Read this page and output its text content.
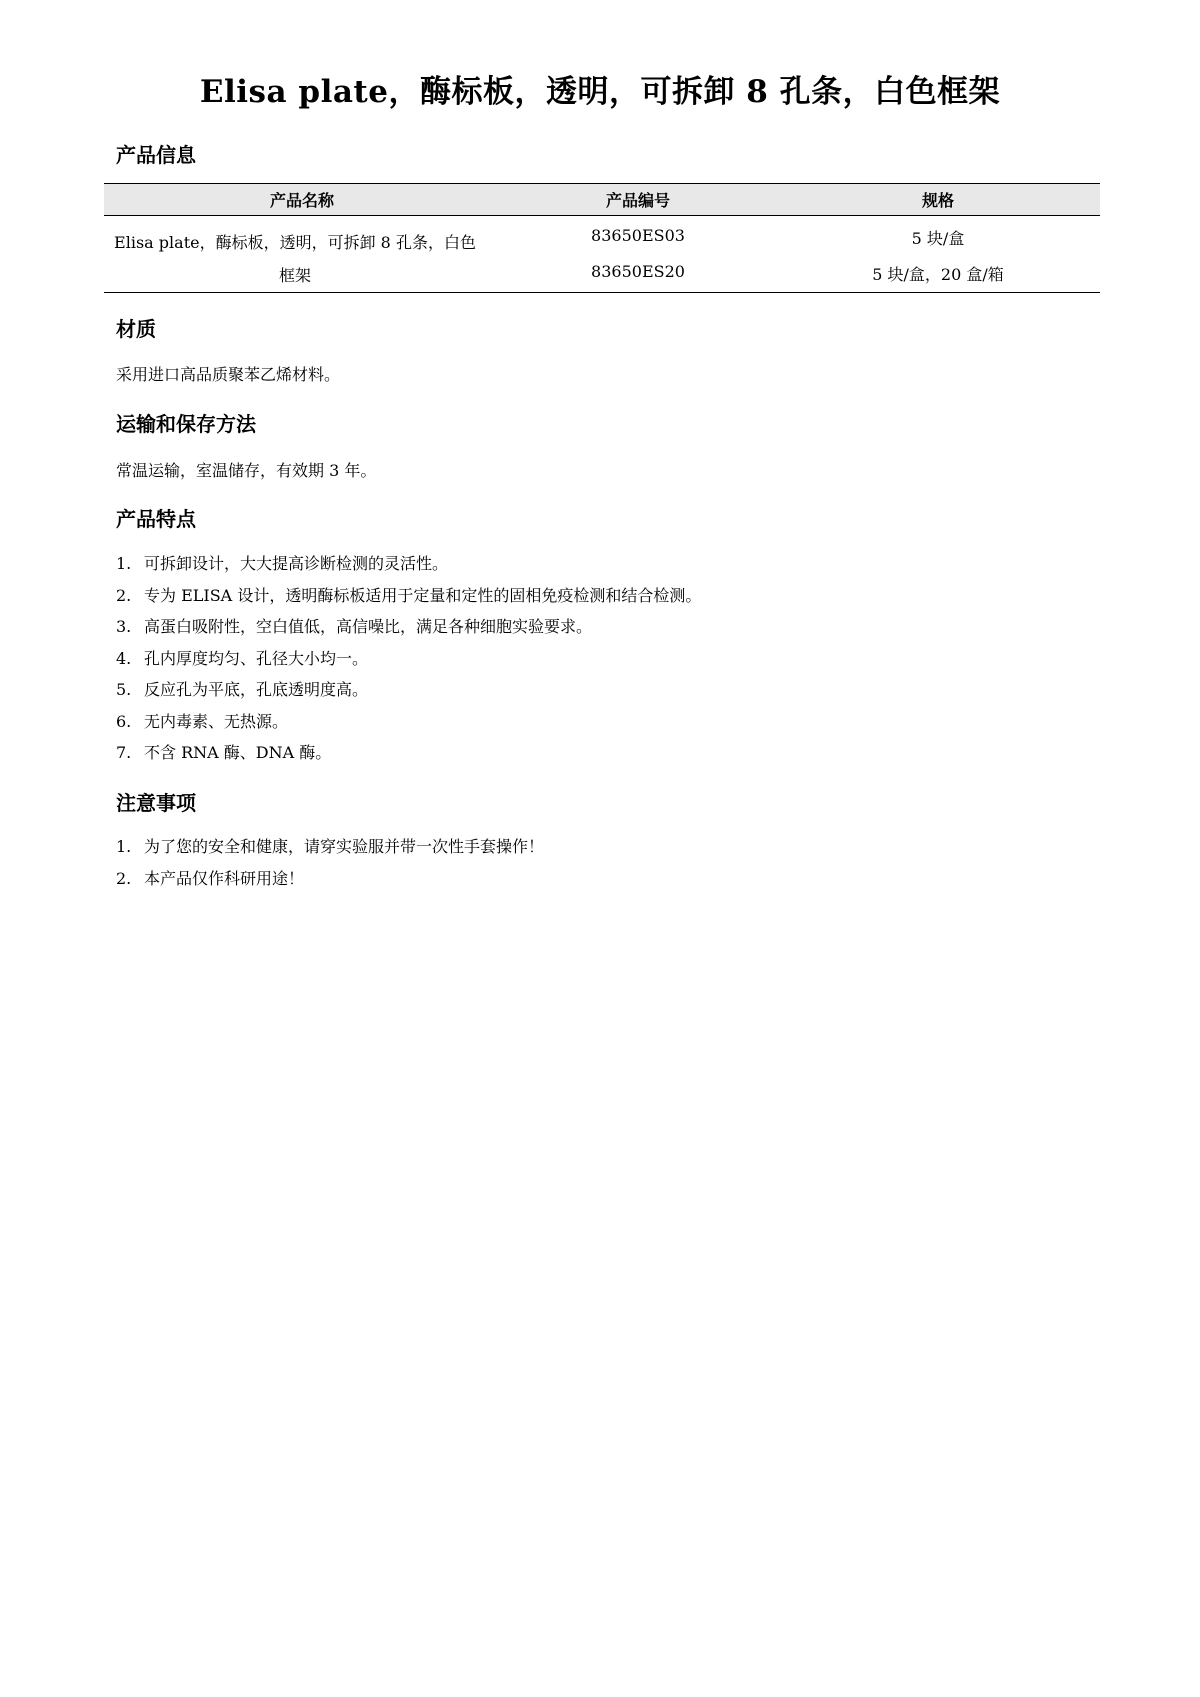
Elisa plate，酶标板，透明，可拆卸 8 孔条，白色框架
产品信息
产品名称	产品编号	规格
Elisa plate，酶标板，透明，可拆卸 8 孔条，白色框架
83650ES03	5 块/盒
83650ES20	5 块/盒，20 盒/箱
材质
采用进口高品质聚苯乙烯材料。
运输和保存方法
常温运输，室温储存，有效期 3 年。
产品特点
1. 可拆卸设计，大大提高诊断检测的灵活性。
2. 专为 ELISA 设计，透明酶标板适用于定量和定性的固相免疫检测和结合检测。
3. 高蛋白吸附性，空白值低，高信噪比，满足各种细胞实验要求。
4. 孔内厚度均匀、孔径大小均一。
5. 反应孔为平底，孔底透明度高。
6. 无内毒素、无热源。
7. 不含 RNA 酶、DNA 酶。
注意事项
1. 为了您的安全和健康，请穿实验服并带一次性手套操作！
2. 本产品仅作科研用途！
